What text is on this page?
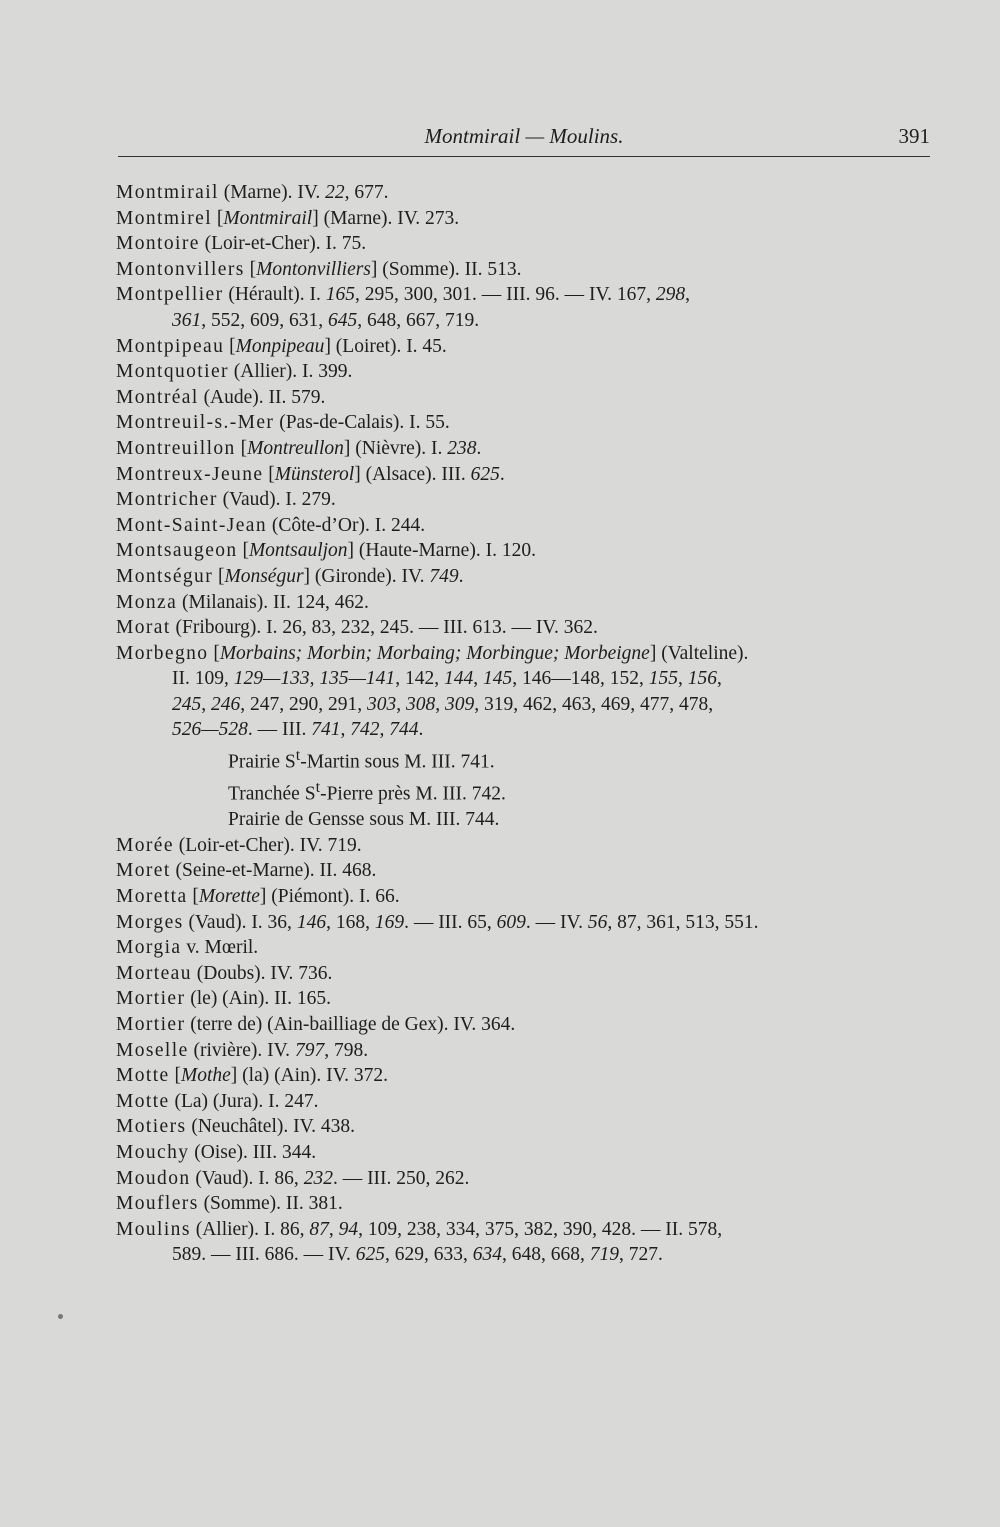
Montmirail — Moulins.	391
Montmirail (Marne). IV. 22, 677.
Montmirel [Montmirail] (Marne). IV. 273.
Montoire (Loir-et-Cher). I. 75.
Montonvillers [Montonvilliers] (Somme). II. 513.
Montpellier (Hérault). I. 165, 295, 300, 301. — III. 96. — IV. 167, 298,
361, 552, 609, 631, 645, 648, 667, 719.
Montpipeau [Monpipeau] (Loiret). I. 45.
Montquotier (Allier). I. 399.
Montréal (Aude). II. 579.
Montreuil-s.-Mer (Pas-de-Calais). I. 55.
Montreuillon [Montreullon] (Nièvre). I. 238.
Montreux-Jeune [Münsterol] (Alsace). III. 625.
Montricher (Vaud). I. 279.
Mont-Saint-Jean (Côte-d’Or). I. 244.
Montsaugeon [Montsauljon] (Haute-Marne). I. 120.
Montségur [Monségur] (Gironde). IV. 749.
Monza (Milanais). II. 124, 462.
Morat (Fribourg). I. 26, 83, 232, 245. — III. 613. — IV. 362.
Morbegno [Morbains; Morbin; Morbaing; Morbingue; Morbeigne] (Valteline).
II. 109, 129—133, 135—141, 142, 144, 145, 146—148, 152, 155, 156,
245, 246, 247, 290, 291, 303, 308, 309, 319, 462, 463, 469, 477, 478,
526—528. — III. 741, 742, 744.
Prairie $S^t$-Martin sous M. III. 741.
Tranchée $S^t$-Pierre près M. III. 742.
Prairie de Gensse sous M. III. 744.
Morée (Loir-et-Cher). IV. 719.
Moret (Seine-et-Marne). II. 468.
Moretta [Morette] (Piémont). I. 66.
Morges (Vaud). I. 36, 146, 168, 169. — III. 65, 609. — IV. 56, 87, 361, 513, 551.
Morgia v. Mœril.
Morteau (Doubs). IV. 736.
Mortier (le) (Ain). II. 165.
Mortier (terre de) (Ain-bailliage de Gex). IV. 364.
Moselle (rivière). IV. 797, 798.
Motte [Mothe] (la) (Ain). IV. 372.
Motte (La) (Jura). I. 247.
Motiers (Neuchâtel). IV. 438.
Mouchy (Oise). III. 344.
Moudon (Vaud). I. 86, 232. — III. 250, 262.
Mouflers (Somme). II. 381.
Moulins (Allier). I. 86, 87, 94, 109, 238, 334, 375, 382, 390, 428. — II. 578,
589. — III. 686. — IV. 625, 629, 633, 634, 648, 668, 719, 727.
